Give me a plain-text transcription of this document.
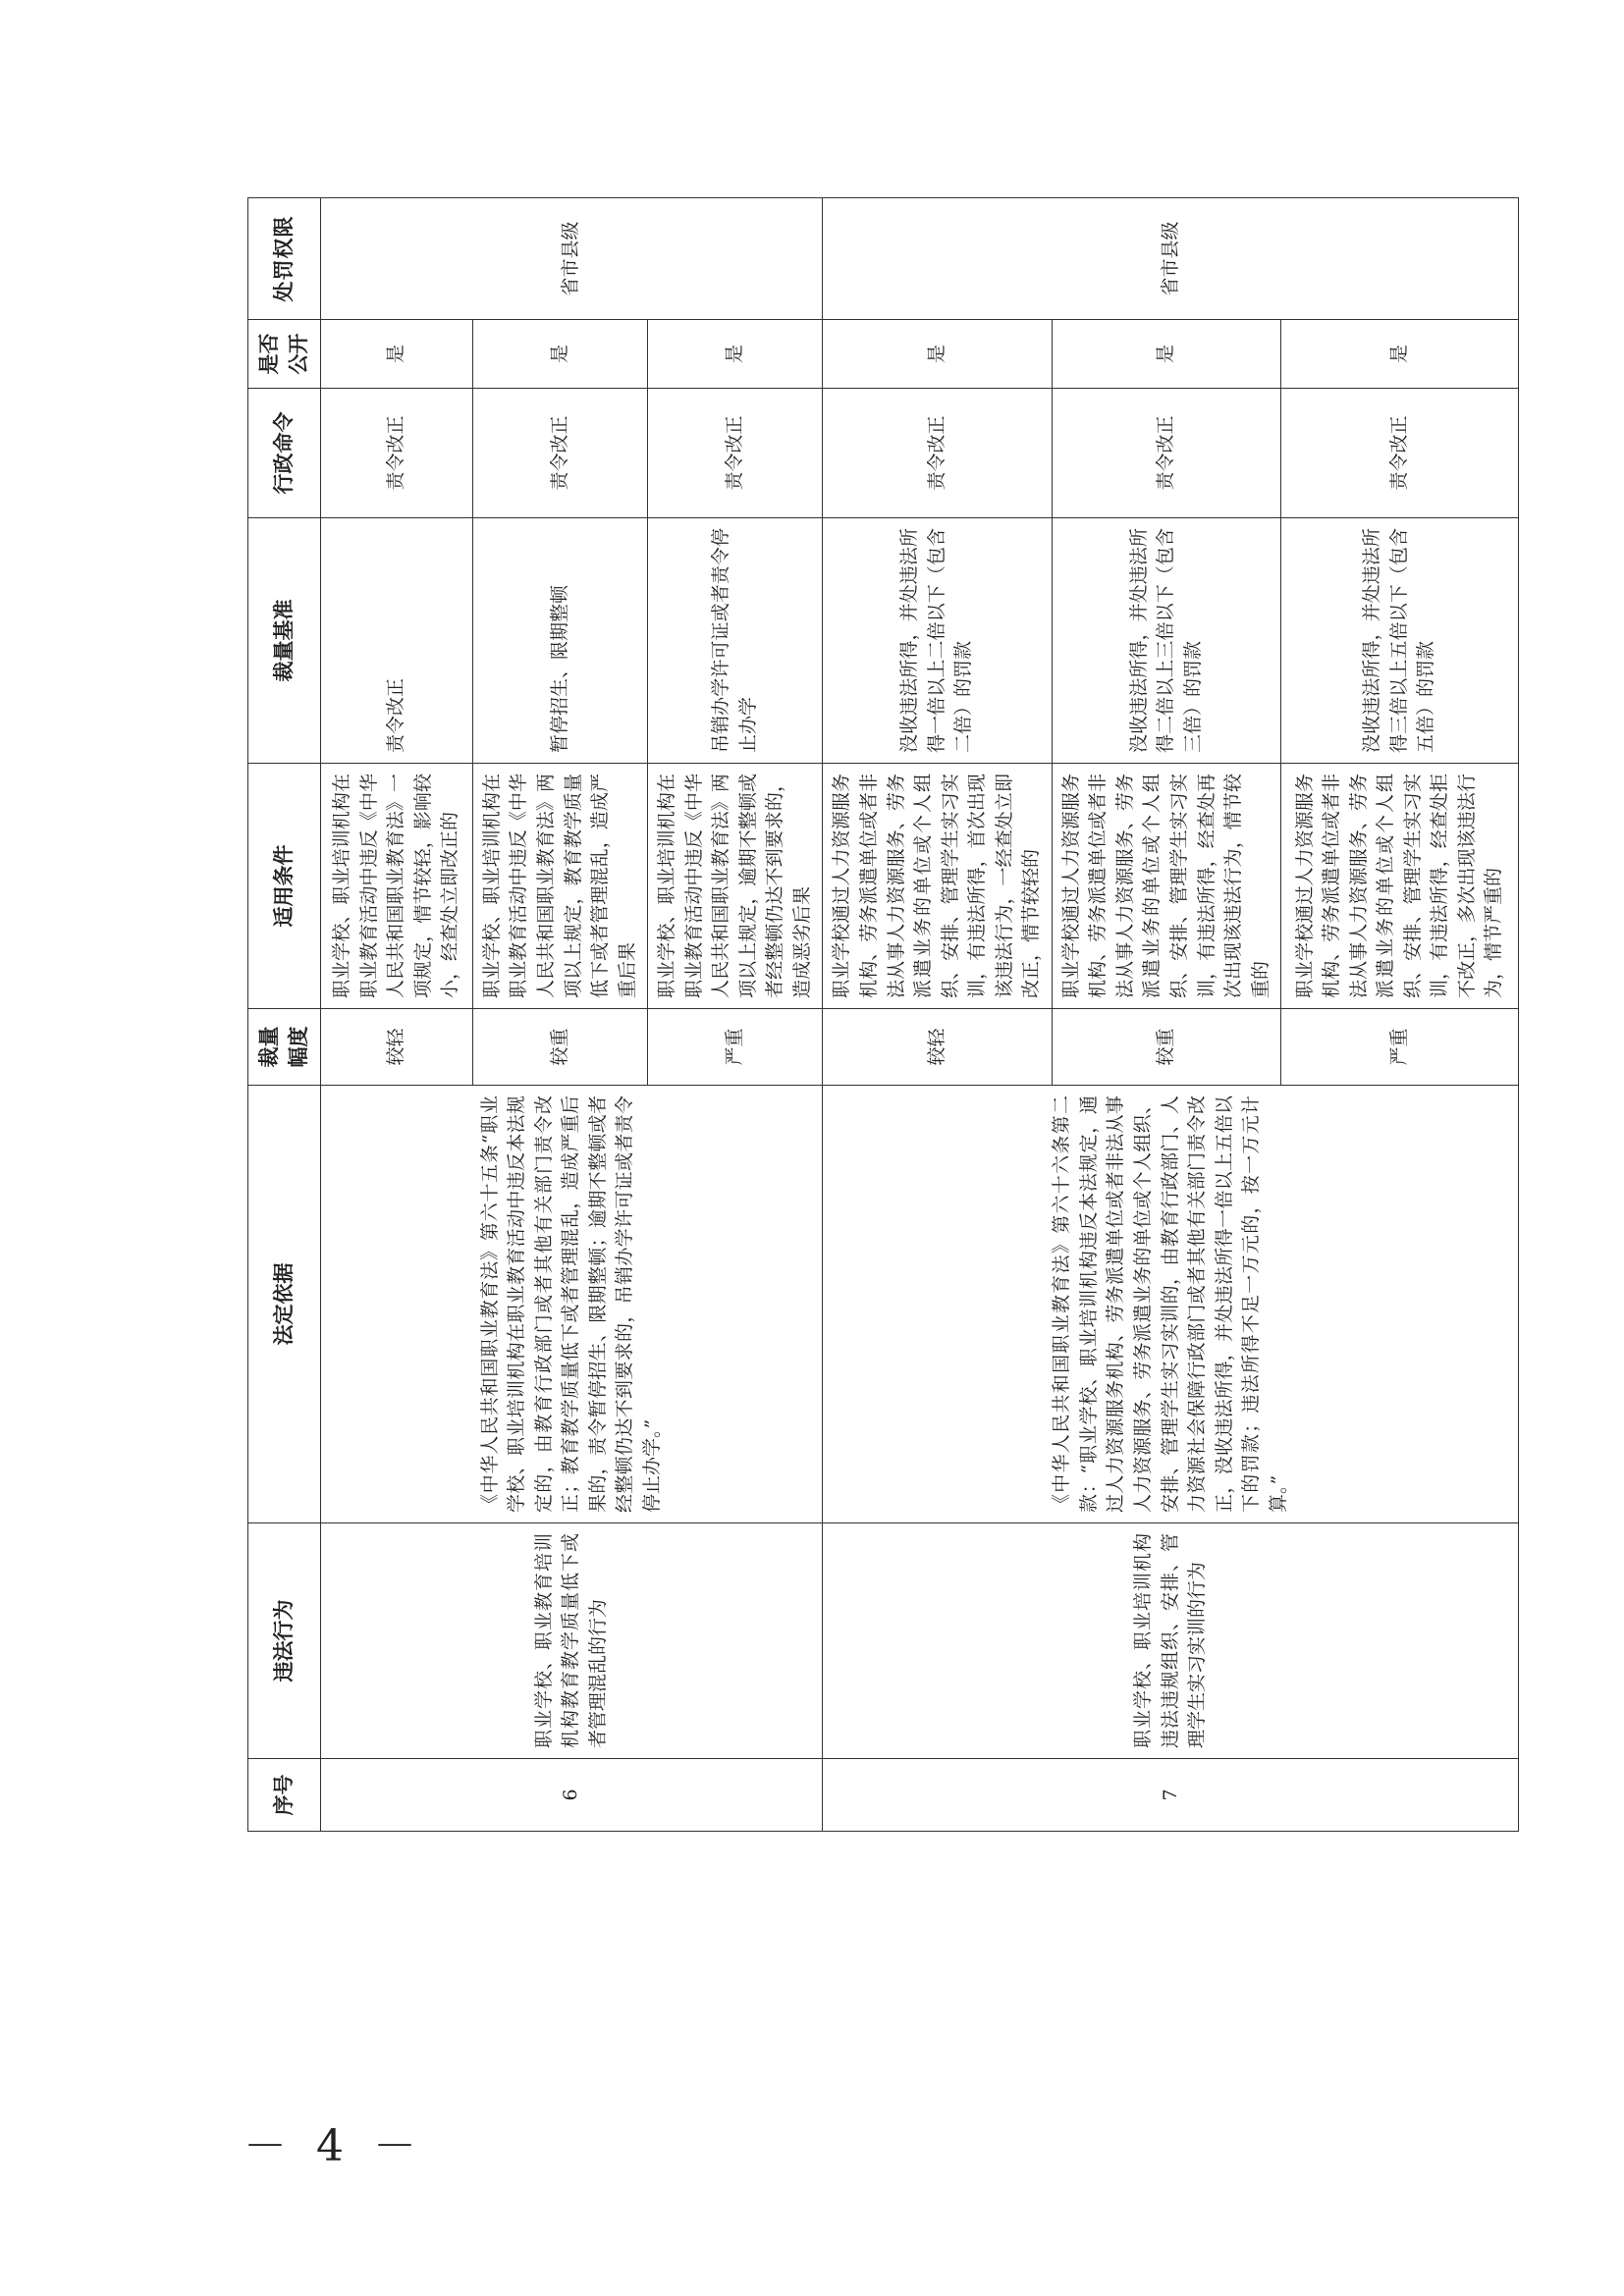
序号	违法行为	法定依据	裁量幅度	适用条件	裁量基准	行政命令	是否公开	处罚权限
6	职业学校、职业教育培训机构教育教学质量低下或者管理混乱的行为	《中华人民共和国职业教育法》第六十五条“职业学校、职业培训机构在职业教育活动中违反本法规定的，由教育行政部门或者其他有关部门责令改正；教育教学质量低下或者管理混乱，造成严重后果的，责令暂停招生、限期整顿；逾期不整顿或者经整顿仍达不到要求的，吊销办学许可证或者责令停止办学。”	较轻	职业学校、职业培训机构在职业教育活动中违反《中华人民共和国职业教育法》一项规定，情节较轻，影响较小，经查处立即改正的	责令改正	责令改正	是	省市县级
			较重	职业学校、职业培训机构在职业教育活动中违反《中华人民共和国职业教育法》两项以上规定，教育教学质量低下或者管理混乱，造成严重后果	暂停招生、限期整顿	责令改正	是	
			严重	职业学校、职业培训机构在职业教育活动中违反《中华人民共和国职业教育法》两项以上规定，逾期不整顿或者经整顿仍达不到要求的，造成恶劣后果	吊销办学许可证或者责令停止办学	责令改正	是	
7	职业学校、职业培训机构违法违规组织、安排、管理学生实习实训的行为	《中华人民共和国职业教育法》第六十六条第二款：“职业学校、职业培训机构违反本法规定，通过人力资源服务机构、劳务派遣单位或者非法从事人力资源服务、劳务派遣业务的单位或个人组织、安排、管理学生实习实训的，由教育行政部门、人力资源社会保障行政部门或者其他有关部门责令改正，没收违法所得，并处违法所得一倍以上五倍以下的罚款；违法所得不足一万元的，按一万元计算。”	较轻	职业学校通过人力资源服务机构、劳务派遣单位或者非法从事人力资源服务、劳务派遣业务的单位或个人组织、安排、管理学生实习实训，有违法所得，首次出现该违法行为，一经查处立即改正，情节较轻的	没收违法所得，并处违法所得一倍以上二倍以下（包含二倍）的罚款	责令改正	是	省市县级
			较重	职业学校通过人力资源服务机构、劳务派遣单位或者非法从事人力资源服务、劳务派遣业务的单位或个人组织、安排、管理学生实习实训，有违法所得，经查处再次出现该违法行为，情节较重的	没收违法所得，并处违法所得二倍以上三倍以下（包含三倍）的罚款	责令改正	是	
			严重	职业学校通过人力资源服务机构、劳务派遣单位或者非法从事人力资源服务、劳务派遣业务的单位或个人组织、安排、管理学生实习实训，有违法所得，经查处拒不改正，多次出现该违法行为，情节严重的	没收违法所得，并处违法所得三倍以上五倍以下（包含五倍）的罚款	责令改正	是	
－ 4 －
